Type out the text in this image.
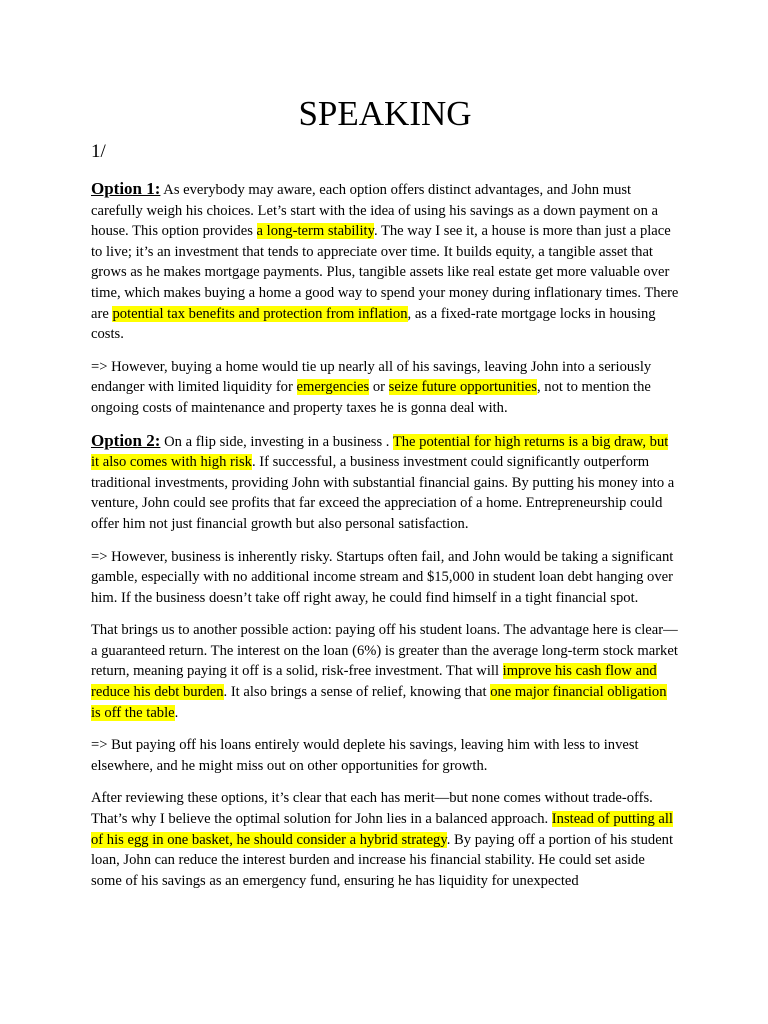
SPEAKING
1/

Option 1: As everybody may aware, each option offers distinct advantages, and John must carefully weigh his choices. Let’s start with the idea of using his savings as a down payment on a house. This option provides a long-term stability. The way I see it, a house is more than just a place to live; it’s an investment that tends to appreciate over time. It builds equity, a tangible asset that grows as he makes mortgage payments. Plus, tangible assets like real estate get more valuable over time, which makes buying a home a good way to spend your money during inflationary times. There are potential tax benefits and protection from inflation, as a fixed-rate mortgage locks in housing costs.

=> However, buying a home would tie up nearly all of his savings, leaving John into a seriously endanger with limited liquidity for emergencies or seize future opportunities, not to mention the ongoing costs of maintenance and property taxes he is gonna deal with.

Option 2: On a flip side, investing in a business . The potential for high returns is a big draw, but it also comes with high risk. If successful, a business investment could significantly outperform traditional investments, providing John with substantial financial gains. By putting his money into a venture, John could see profits that far exceed the appreciation of a home. Entrepreneurship could offer him not just financial growth but also personal satisfaction.

=> However, business is inherently risky. Startups often fail, and John would be taking a significant gamble, especially with no additional income stream and $15,000 in student loan debt hanging over him. If the business doesn’t take off right away, he could find himself in a tight financial spot.

That brings us to another possible action: paying off his student loans. The advantage here is clear—a guaranteed return. The interest on the loan (6%) is greater than the average long-term stock market return, meaning paying it off is a solid, risk-free investment. That will improve his cash flow and reduce his debt burden. It also brings a sense of relief, knowing that one major financial obligation is off the table.

=> But paying off his loans entirely would deplete his savings, leaving him with less to invest elsewhere, and he might miss out on other opportunities for growth.

After reviewing these options, it’s clear that each has merit—but none comes without trade-offs. That’s why I believe the optimal solution for John lies in a balanced approach. Instead of putting all of his egg in one basket, he should consider a hybrid strategy. By paying off a portion of his student loan, John can reduce the interest burden and increase his financial stability. He could set aside some of his savings as an emergency fund, ensuring he has liquidity for unexpected
